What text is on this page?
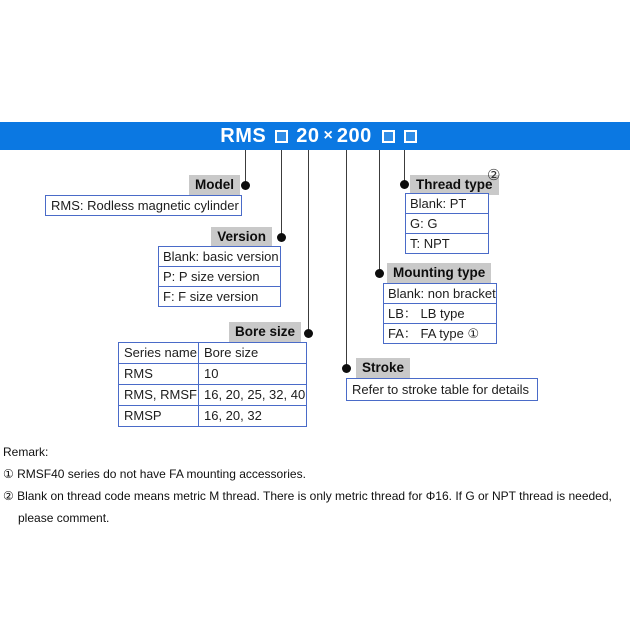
RMS 20 × 200
Model
RMS: Rodless magnetic cylinder
Version
Blank: basic version
P: P size version
F: F size version
Bore size
Series name Bore size
RMS	10
RMS, RMSF 16, 20, 25, 32, 40
RMSP	16, 20, 32
Stroke
Refer to stroke table for details
Mounting type
Blank: non bracket
LB： LB type
FA： FA type ①
Thread type
②
Blank: PT
G: G
T: NPT
Remark:
① RMSF40 series do not have FA mounting accessories.
② Blank on thread code means metric M thread. There is only metric thread for Φ16. If G or NPT thread is needed,
please comment.
